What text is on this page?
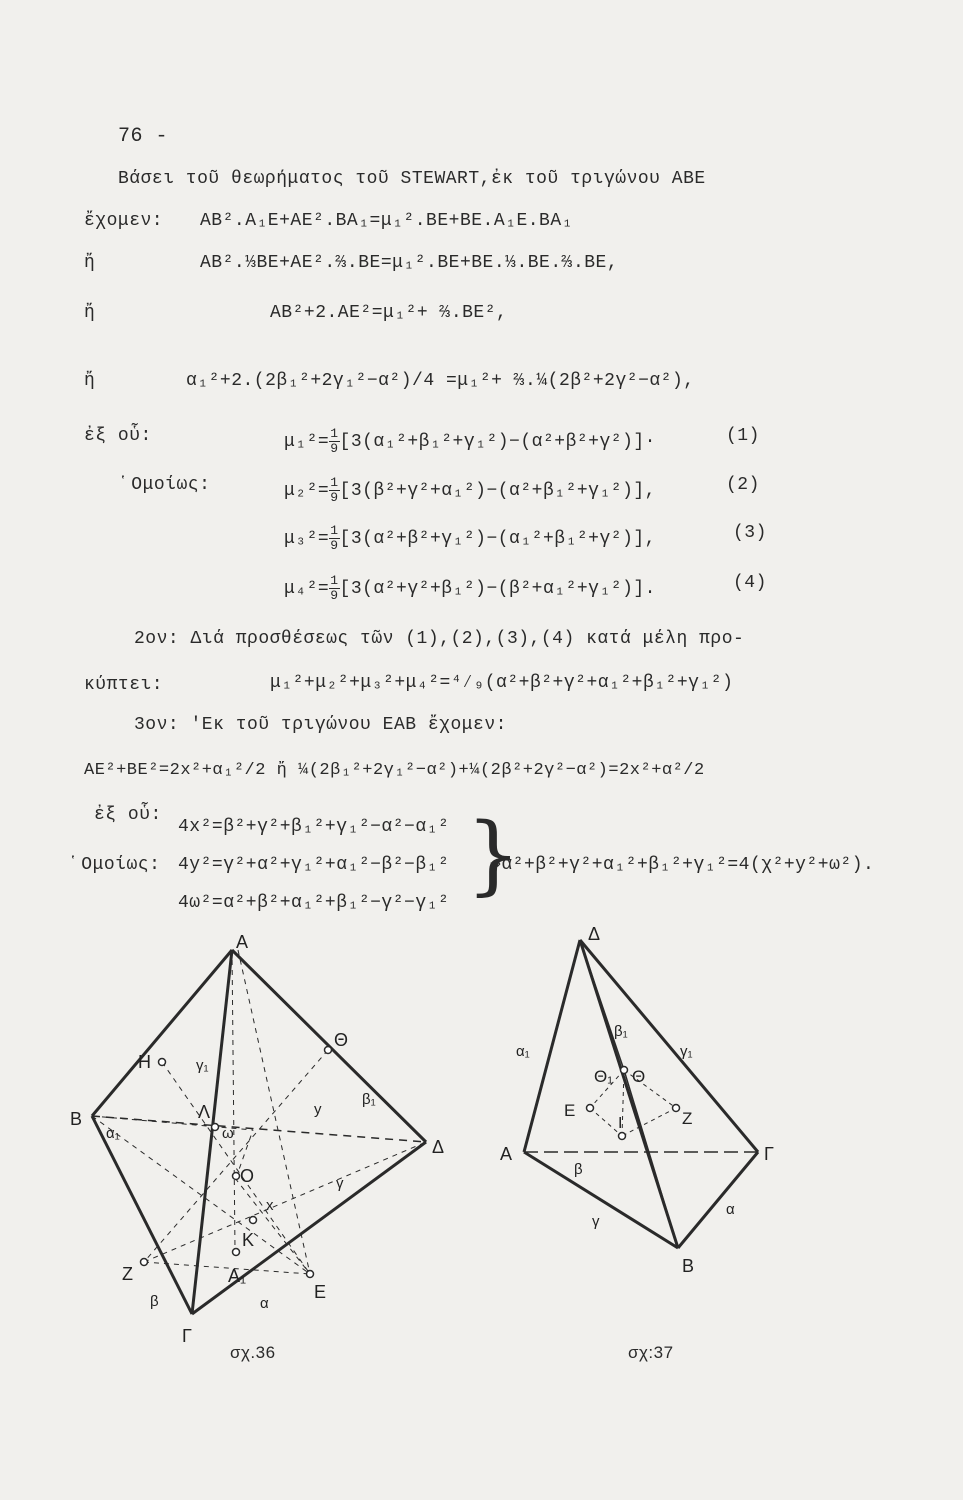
76 -
Βάσει τοῦ θεωρήματος τοῦ STEWART,ἐκ τοῦ τριγώνου ABE
ἔχομεν: AB².A₁E+AE².BA₁=μ₁².BE+BE.A₁E.BA₁
ἤ	AB².⅓BE+AE².⅔.BE=μ₁².BE+BE.⅓.BE.⅔.BE,
ἤ	AB²+2.AE²=μ₁²+ ⅔.BE²,
ἤ	α₁²+2.(2β₁²+2γ₁²−α²)/4 =μ₁²+ ⅔.¼(2β²+2γ²−α²),
ἐξ οὗ:	$\mu_1^2= \frac{1}{9} [3(\alpha_1^2+\beta_1^2+\gamma_1^2)-(\alpha^2+\beta^2+\gamma^2)]\cdot$	(1)
῾Ομοίως:	$\mu_2^2= \frac{1}{9} [3(\beta^2+\gamma^2+\alpha_1^2)-(\alpha^2+\beta_1^2+\gamma_1^2)]$,	(2)
$\mu_3^2= \frac{1}{9} [3(\alpha^2+\beta^2+\gamma_1^2)-(\alpha_1^2+\beta_1^2+\gamma^2)]$,	(3)
$\mu_4^2= \frac{1}{9} [3(\alpha^2+\gamma^2+\beta_1^2)-(\beta^2+\alpha_1^2+\gamma_1^2)]$.	(4)
2ον: Διά προσθέσεως τῶν (1),(2),(3),(4) κατά μέλη προ-
κύπτει:	μ₁²+μ₂²+μ₃²+μ₄²=⁴⁄₉(α²+β²+γ²+α₁²+β₁²+γ₁²)
3ον: 'Εκ τοῦ τριγώνου EAB ἔχομεν:
AE²+BE²=2x²+α₁²/2 ἤ ¼(2β₁²+2γ₁²−α²)+¼(2β²+2γ²−α²)=2x²+α²/2
ἐξ οὗ:
4x²=β²+γ²+β₁²+γ₁²−α²−α₁²
῾Ομοίως: 4y²=γ²+α²+γ₁²+α₁²−β²−β₁²
4ω²=α²+β²+α₁²+β₁²−γ²−γ₁² }
⇒α²+β²+γ²+α₁²+β₁²+γ₁²=4(χ²+y²+ω²).
A
B
Γ
Δ
H
Θ
Λ
O
K
Z
E
A₁
γ₁
α₁
β₁
γ
β	α
ω
y
x
σχ.36
Δ
A	Γ
B
Θ₁ Θ
E	Z
I
β₁
α₁	γ₁
β
γ
α
σχ:37
